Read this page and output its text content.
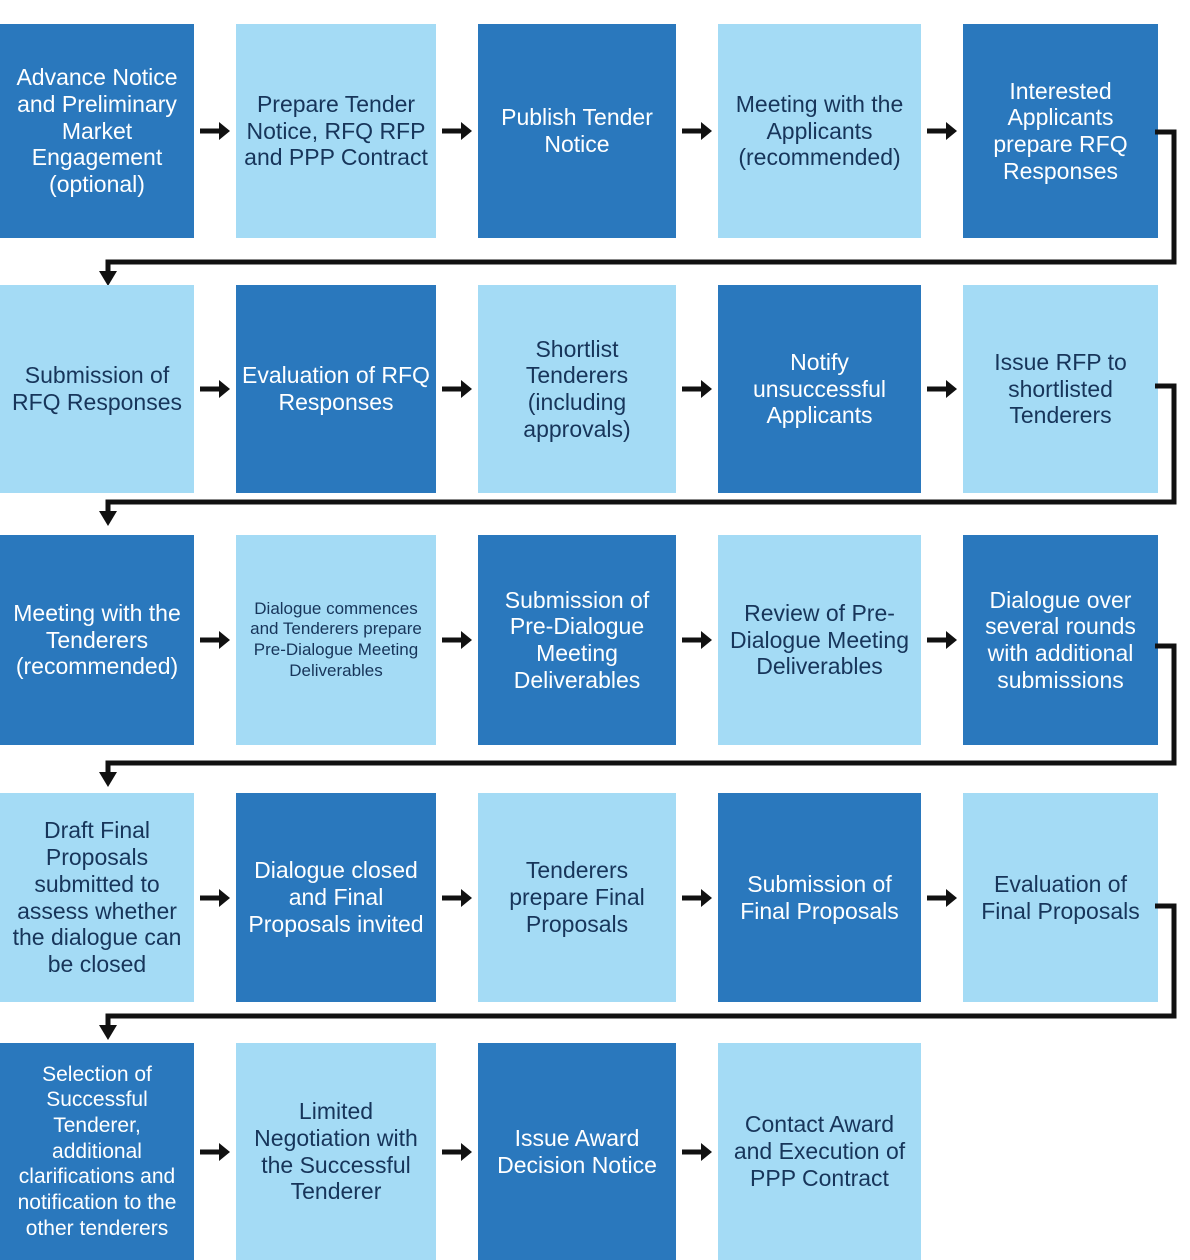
Advance Notice and Preliminary Market Engagement (optional)
Prepare Tender Notice, RFQ RFP and PPP Contract
Publish Tender Notice
Meeting with the Applicants (recommended)
Interested Applicants prepare RFQ Responses
Submission of RFQ Responses
Evaluation of RFQ Responses
Shortlist Tenderers (including approvals)
Notify unsuccessful Applicants
Issue RFP to shortlisted Tenderers
Meeting with the Tenderers (recommended)
Dialogue commences and Tenderers prepare Pre-Dialogue Meeting Deliverables
Submission of Pre-Dialogue Meeting Deliverables
Review of Pre-Dialogue Meeting Deliverables
Dialogue over several rounds with additional submissions
Draft Final Proposals submitted to assess whether the dialogue can be closed
Dialogue closed and Final Proposals invited
Tenderers prepare Final Proposals
Submission of Final Proposals
Evaluation of Final Proposals
Selection of Successful Tenderer, additional clarifications and notification to the other tenderers
Limited Negotiation with the Successful Tenderer
Issue Award Decision Notice
Contact Award and Execution of PPP Contract
